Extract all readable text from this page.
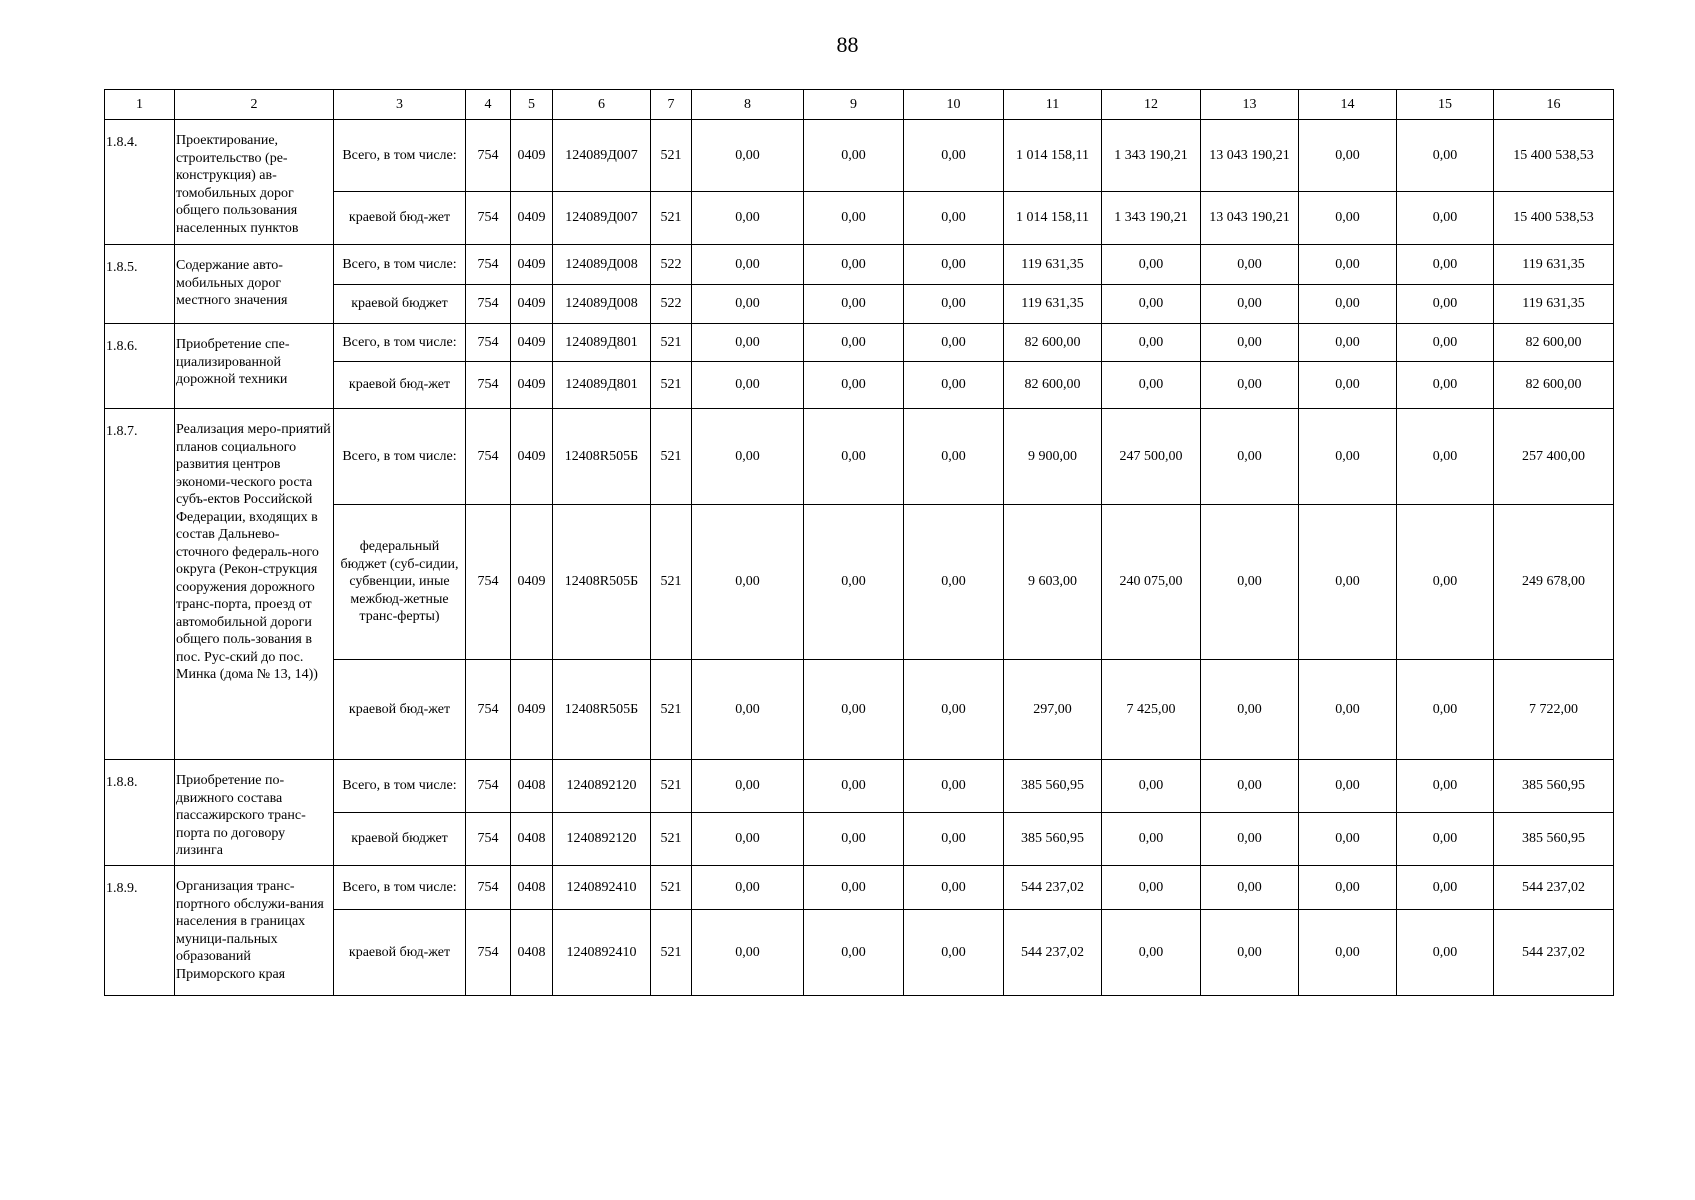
88
1	2	3	4	5	6	7	8	9	10	11	12	13	14	15	16
1.8.4.	Проектирование, строительство (ре-конструкция) ав-томобильных дорог общего пользования населенных пунктов	Всего, в том числе:	754	0409	124089Д007	521	0,00	0,00	0,00	1 014 158,11	1 343 190,21	13 043 190,21	0,00	0,00	15 400 538,53
		краевой бюд-жет	754	0409	124089Д007	521	0,00	0,00	0,00	1 014 158,11	1 343 190,21	13 043 190,21	0,00	0,00	15 400 538,53
1.8.5.	Содержание авто-мобильных дорог местного значения	Всего, в том числе:	754	0409	124089Д008	522	0,00	0,00	0,00	119 631,35	0,00	0,00	0,00	0,00	119 631,35
		краевой бюджет	754	0409	124089Д008	522	0,00	0,00	0,00	119 631,35	0,00	0,00	0,00	0,00	119 631,35
1.8.6.	Приобретение спе-циализированной дорожной техники	Всего, в том числе:	754	0409	124089Д801	521	0,00	0,00	0,00	82 600,00	0,00	0,00	0,00	0,00	82 600,00
		краевой бюд-жет	754	0409	124089Д801	521	0,00	0,00	0,00	82 600,00	0,00	0,00	0,00	0,00	82 600,00
1.8.7.	Реализация меро-приятий планов социального развития центров экономи-ческого роста субъ-ектов Российской Федерации, входящих в состав Дальнево-сточного федераль-ного округа (Рекон-струкция сооружения дорожного транс-порта, проезд от автомобильной дороги общего поль-зования в пос. Рус-ский до пос. Минка (дома № 13, 14))	Всего, в том числе:	754	0409	12408R505Б	521	0,00	0,00	0,00	9 900,00	247 500,00	0,00	0,00	0,00	257 400,00
		федеральный бюджет (суб-сидии, субвенции, иные межбюд-жетные транс-ферты)	754	0409	12408R505Б	521	0,00	0,00	0,00	9 603,00	240 075,00	0,00	0,00	0,00	249 678,00
		краевой бюд-жет	754	0409	12408R505Б	521	0,00	0,00	0,00	297,00	7 425,00	0,00	0,00	0,00	7 722,00
1.8.8.	Приобретение по-движного состава пассажирского транс-порта по договору лизинга	Всего, в том числе:	754	0408	1240892120	521	0,00	0,00	0,00	385 560,95	0,00	0,00	0,00	0,00	385 560,95
		краевой бюджет	754	0408	1240892120	521	0,00	0,00	0,00	385 560,95	0,00	0,00	0,00	0,00	385 560,95
1.8.9.	Организация транс-портного обслужи-вания населения в границах муници-пальных образований Приморского края	Всего, в том числе:	754	0408	1240892410	521	0,00	0,00	0,00	544 237,02	0,00	0,00	0,00	0,00	544 237,02
		краевой бюд-жет	754	0408	1240892410	521	0,00	0,00	0,00	544 237,02	0,00	0,00	0,00	0,00	544 237,02
